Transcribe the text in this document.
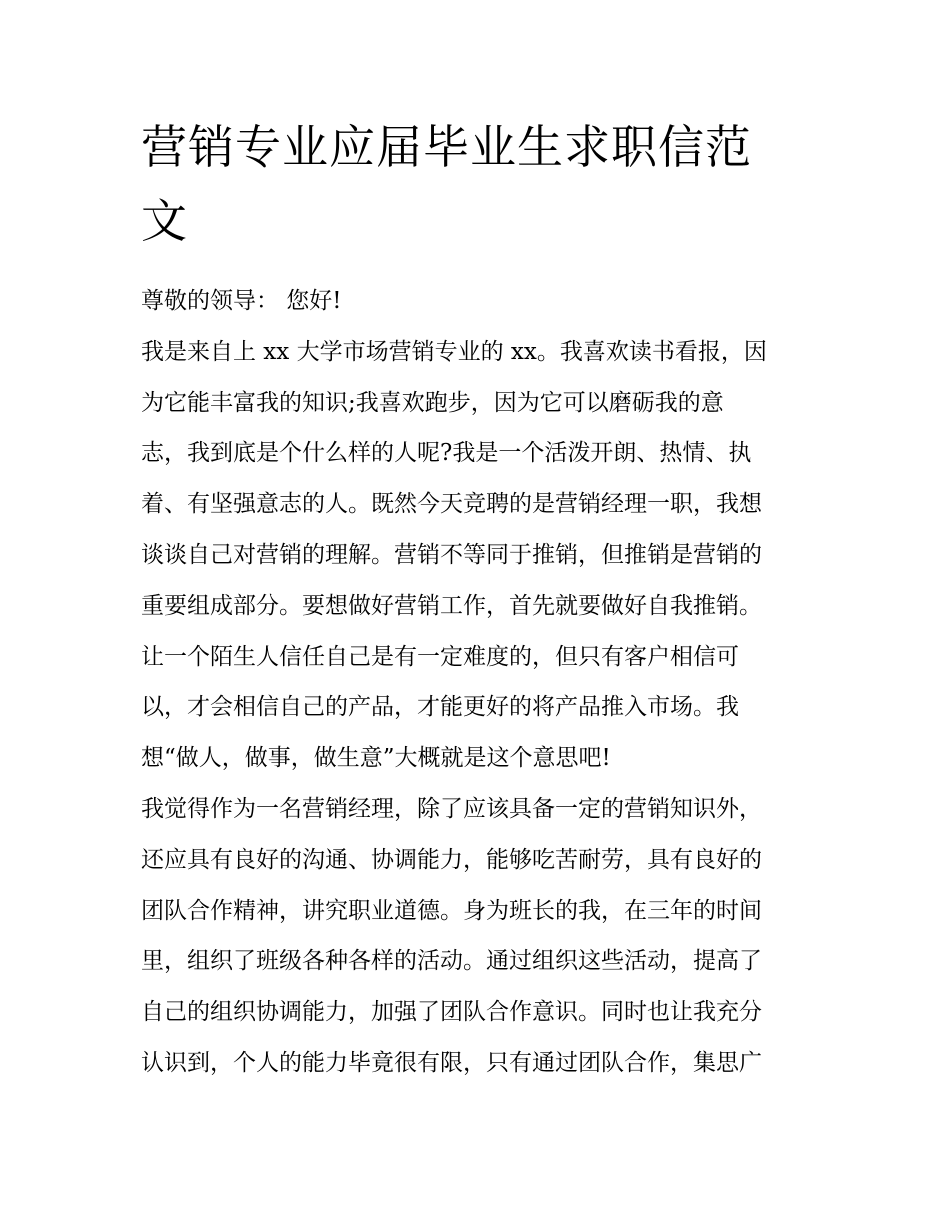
营销专业应届毕业生求职信范
文

尊敬的领导： 您好!

我是来自上 xx 大学市场营销专业的 xx。我喜欢读书看报，因
为它能丰富我的知识;我喜欢跑步，因为它可以磨砺我的意
志，我到底是个什么样的人呢?我是一个活泼开朗、热情、执
着、有坚强意志的人。既然今天竞聘的是营销经理一职，我想
谈谈自己对营销的理解。营销不等同于推销，但推销是营销的
重要组成部分。要想做好营销工作，首先就要做好自我推销。
让一个陌生人信任自己是有一定难度的，但只有客户相信可
以，才会相信自己的产品，才能更好的将产品推入市场。我
想“做人，做事，做生意”大概就是这个意思吧!

我觉得作为一名营销经理，除了应该具备一定的营销知识外，
还应具有良好的沟通、协调能力，能够吃苦耐劳，具有良好的
团队合作精神，讲究职业道德。身为班长的我，在三年的时间
里，组织了班级各种各样的活动。通过组织这些活动，提高了
自己的组织协调能力，加强了团队合作意识。同时也让我充分
认识到，个人的能力毕竟很有限，只有通过团队合作，集思广
